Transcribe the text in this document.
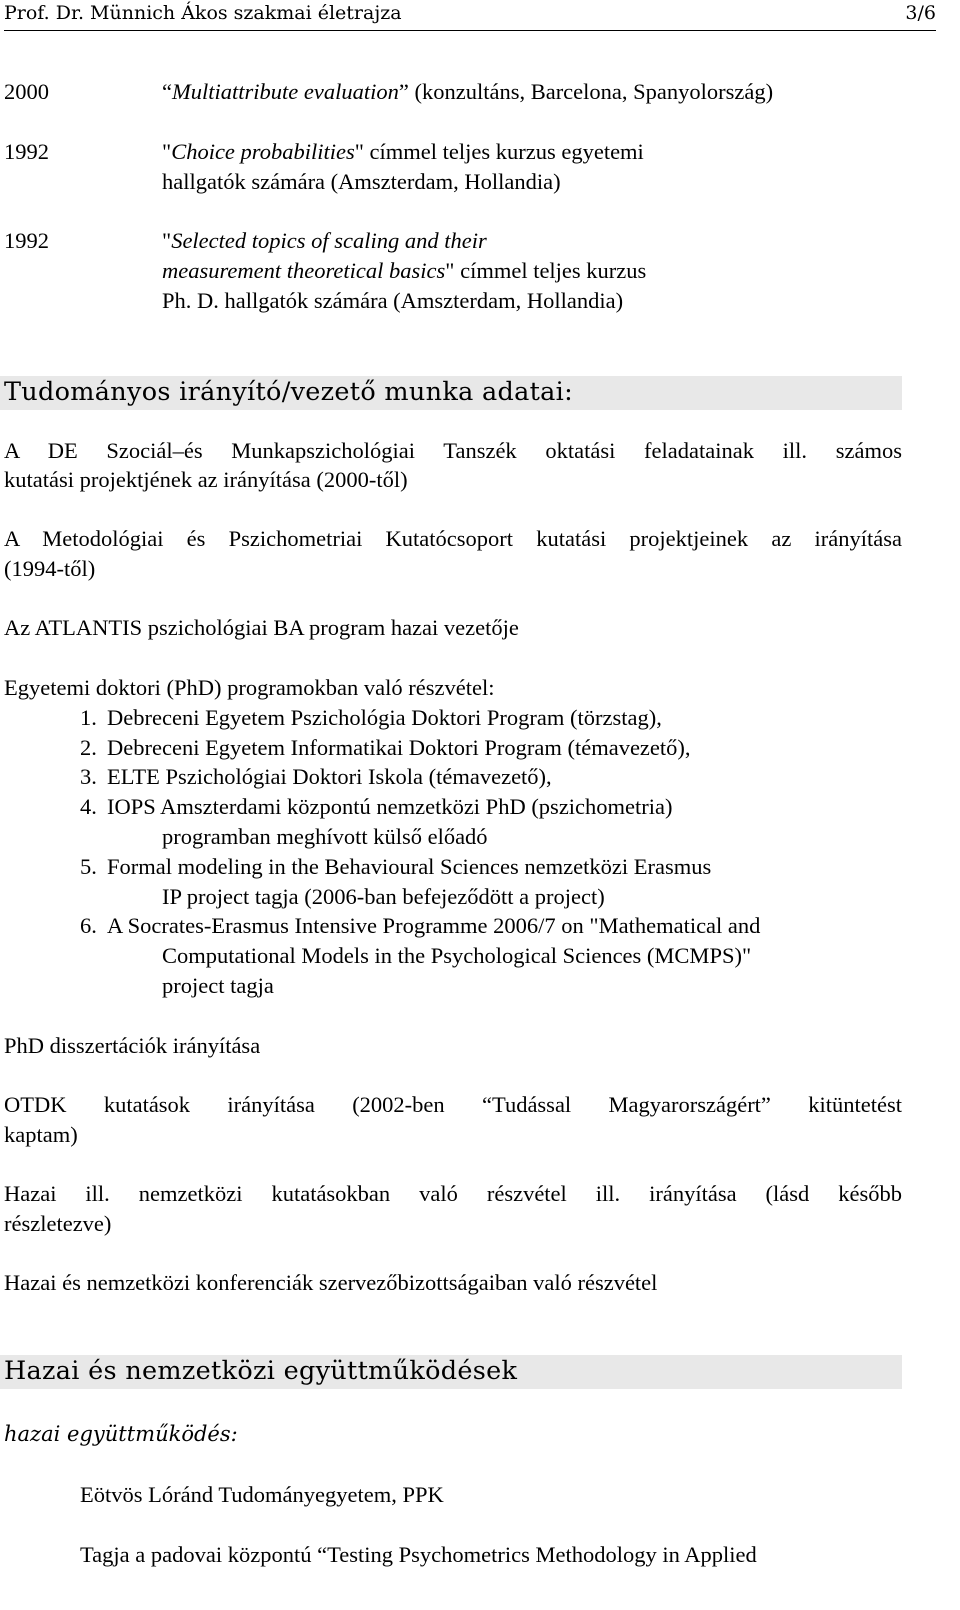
Prof. Dr. Münnich Ákos szakmai életrajza	3/6
2000	“Multiattribute evaluation” (konzultáns, Barcelona, Spanyolország)
1992	"Choice probabilities" címmel teljes kurzus egyetemi
hallgatók számára (Amszterdam, Hollandia)
1992	"Selected topics of scaling and their
measurement theoretical basics" címmel teljes kurzus
Ph. D. hallgatók számára (Amszterdam, Hollandia)
Tudományos irányító/vezető munka adatai:
A DE Szociál–és Munkapszichológiai Tanszék oktatási feladatainak ill. számos
kutatási projektjének az irányítása (2000-től)
A Metodológiai és Pszichometriai Kutatócsoport kutatási projektjeinek az irányítása
(1994-től)
Az ATLANTIS pszichológiai BA program hazai vezetője
Egyetemi doktori (PhD) programokban való részvétel:
1. Debreceni Egyetem Pszichológia Doktori Program (törzstag),
2. Debreceni Egyetem Informatikai Doktori Program (témavezető),
3. ELTE Pszichológiai Doktori Iskola (témavezető),
4. IOPS Amszterdami központú nemzetközi PhD (pszichometria)
programban meghívott külső előadó
5. Formal modeling in the Behavioural Sciences nemzetközi Erasmus
IP project tagja (2006-ban befejeződött a project)
6. A Socrates-Erasmus Intensive Programme 2006/7 on "Mathematical and
Computational Models in the Psychological Sciences (MCMPS)"
project tagja
PhD disszertációk irányítása
OTDK kutatások irányítása (2002-ben “Tudással Magyarországért” kitüntetést
kaptam)
Hazai ill. nemzetközi kutatásokban való részvétel ill. irányítása (lásd később
részletezve)
Hazai és nemzetközi konferenciák szervezőbizottságaiban való részvétel
Hazai és nemzetközi együttműködések
hazai együttműködés:
Eötvös Lóránd Tudományegyetem, PPK
Tagja a padovai központú “Testing Psychometrics Methodology in Applied
